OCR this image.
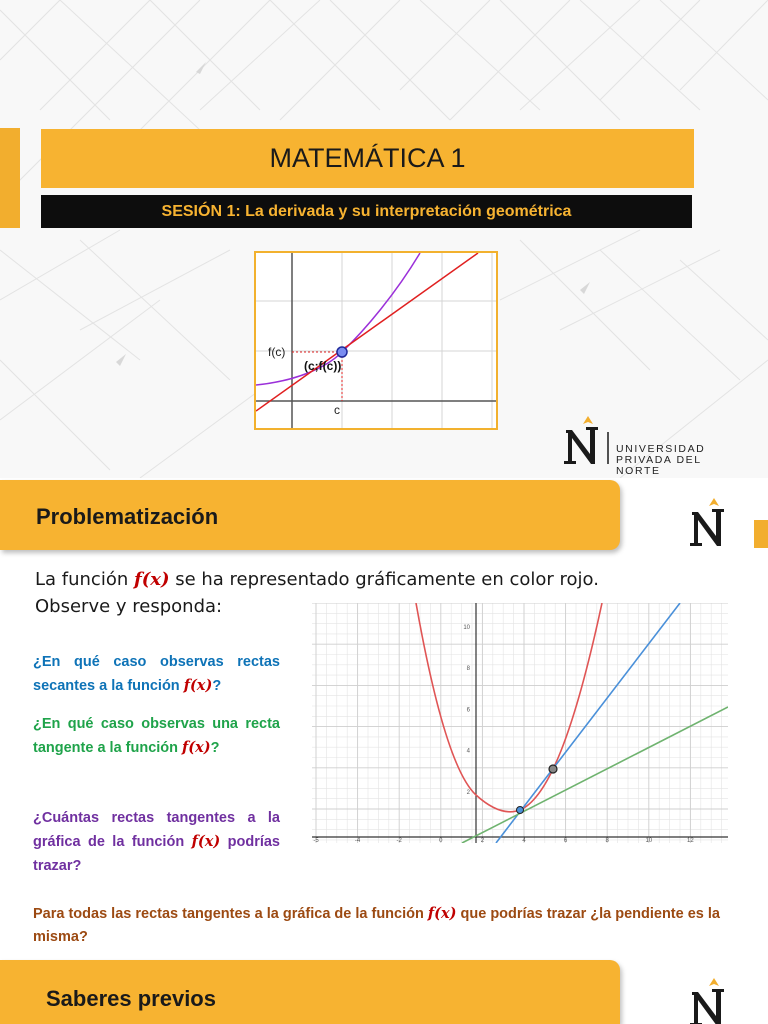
MATEMÁTICA 1
SESIÓN 1: La derivada y su interpretación geométrica
f(c)
(c;f(c))
c
UNIVERSIDAD
PRIVADA DEL NORTE
Problematización
La función f(x) se ha representado gráficamente en color rojo. Observe y responda:
¿En qué caso observas rectas secantes a la función f(x)?
¿En qué caso observas una recta tangente a la función f(x)?
¿Cuántas rectas tangentes a la gráfica de la función f(x) podrías trazar?
10
8
6
4
2
-5	-4	-2	0	2	4	6	8	10	12
Para todas las rectas tangentes a la gráfica de la función f(x) que podrías trazar ¿la pendiente es la misma?
Saberes previos
